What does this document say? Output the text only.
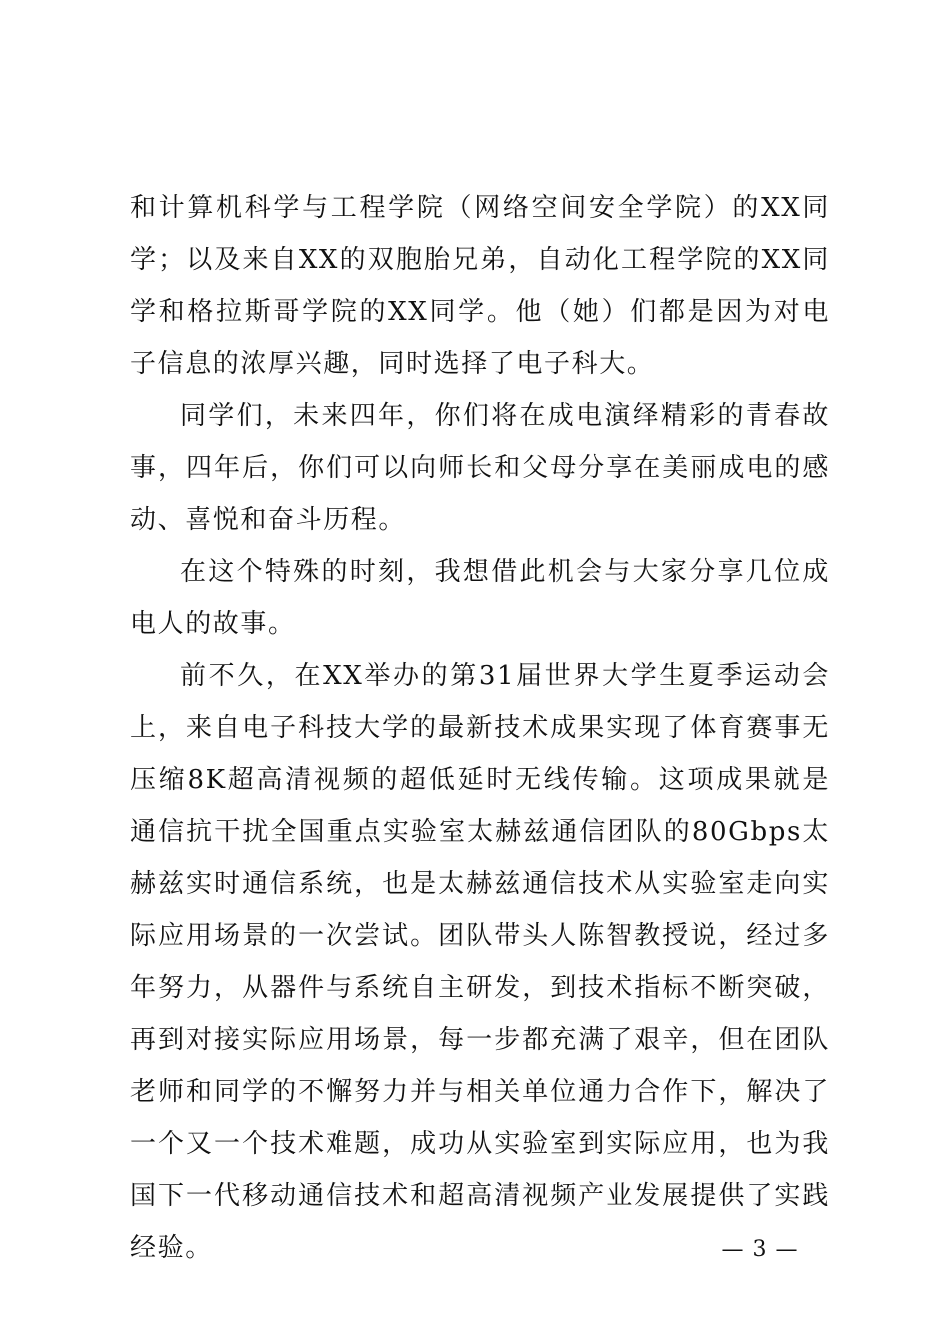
和计算机科学与工程学院（网络空间安全学院）的XX同学；以及来自XX的双胞胎兄弟，自动化工程学院的XX同学和格拉斯哥学院的XX同学。他（她）们都是因为对电子信息的浓厚兴趣，同时选择了电子科大。

同学们，未来四年，你们将在成电演绎精彩的青春故事，四年后，你们可以向师长和父母分享在美丽成电的感动、喜悦和奋斗历程。

在这个特殊的时刻，我想借此机会与大家分享几位成电人的故事。

前不久，在XX举办的第31届世界大学生夏季运动会上，来自电子科技大学的最新技术成果实现了体育赛事无压缩8K超高清视频的超低延时无线传输。这项成果就是通信抗干扰全国重点实验室太赫兹通信团队的80Gbps太赫兹实时通信系统，也是太赫兹通信技术从实验室走向实际应用场景的一次尝试。团队带头人陈智教授说，经过多年努力，从器件与系统自主研发，到技术指标不断突破，再到对接实际应用场景，每一步都充满了艰辛，但在团队老师和同学的不懈努力并与相关单位通力合作下，解决了一个又一个技术难题，成功从实验室到实际应用，也为我国下一代移动通信技术和超高清视频产业发展提供了实践经验。	— 3 —
